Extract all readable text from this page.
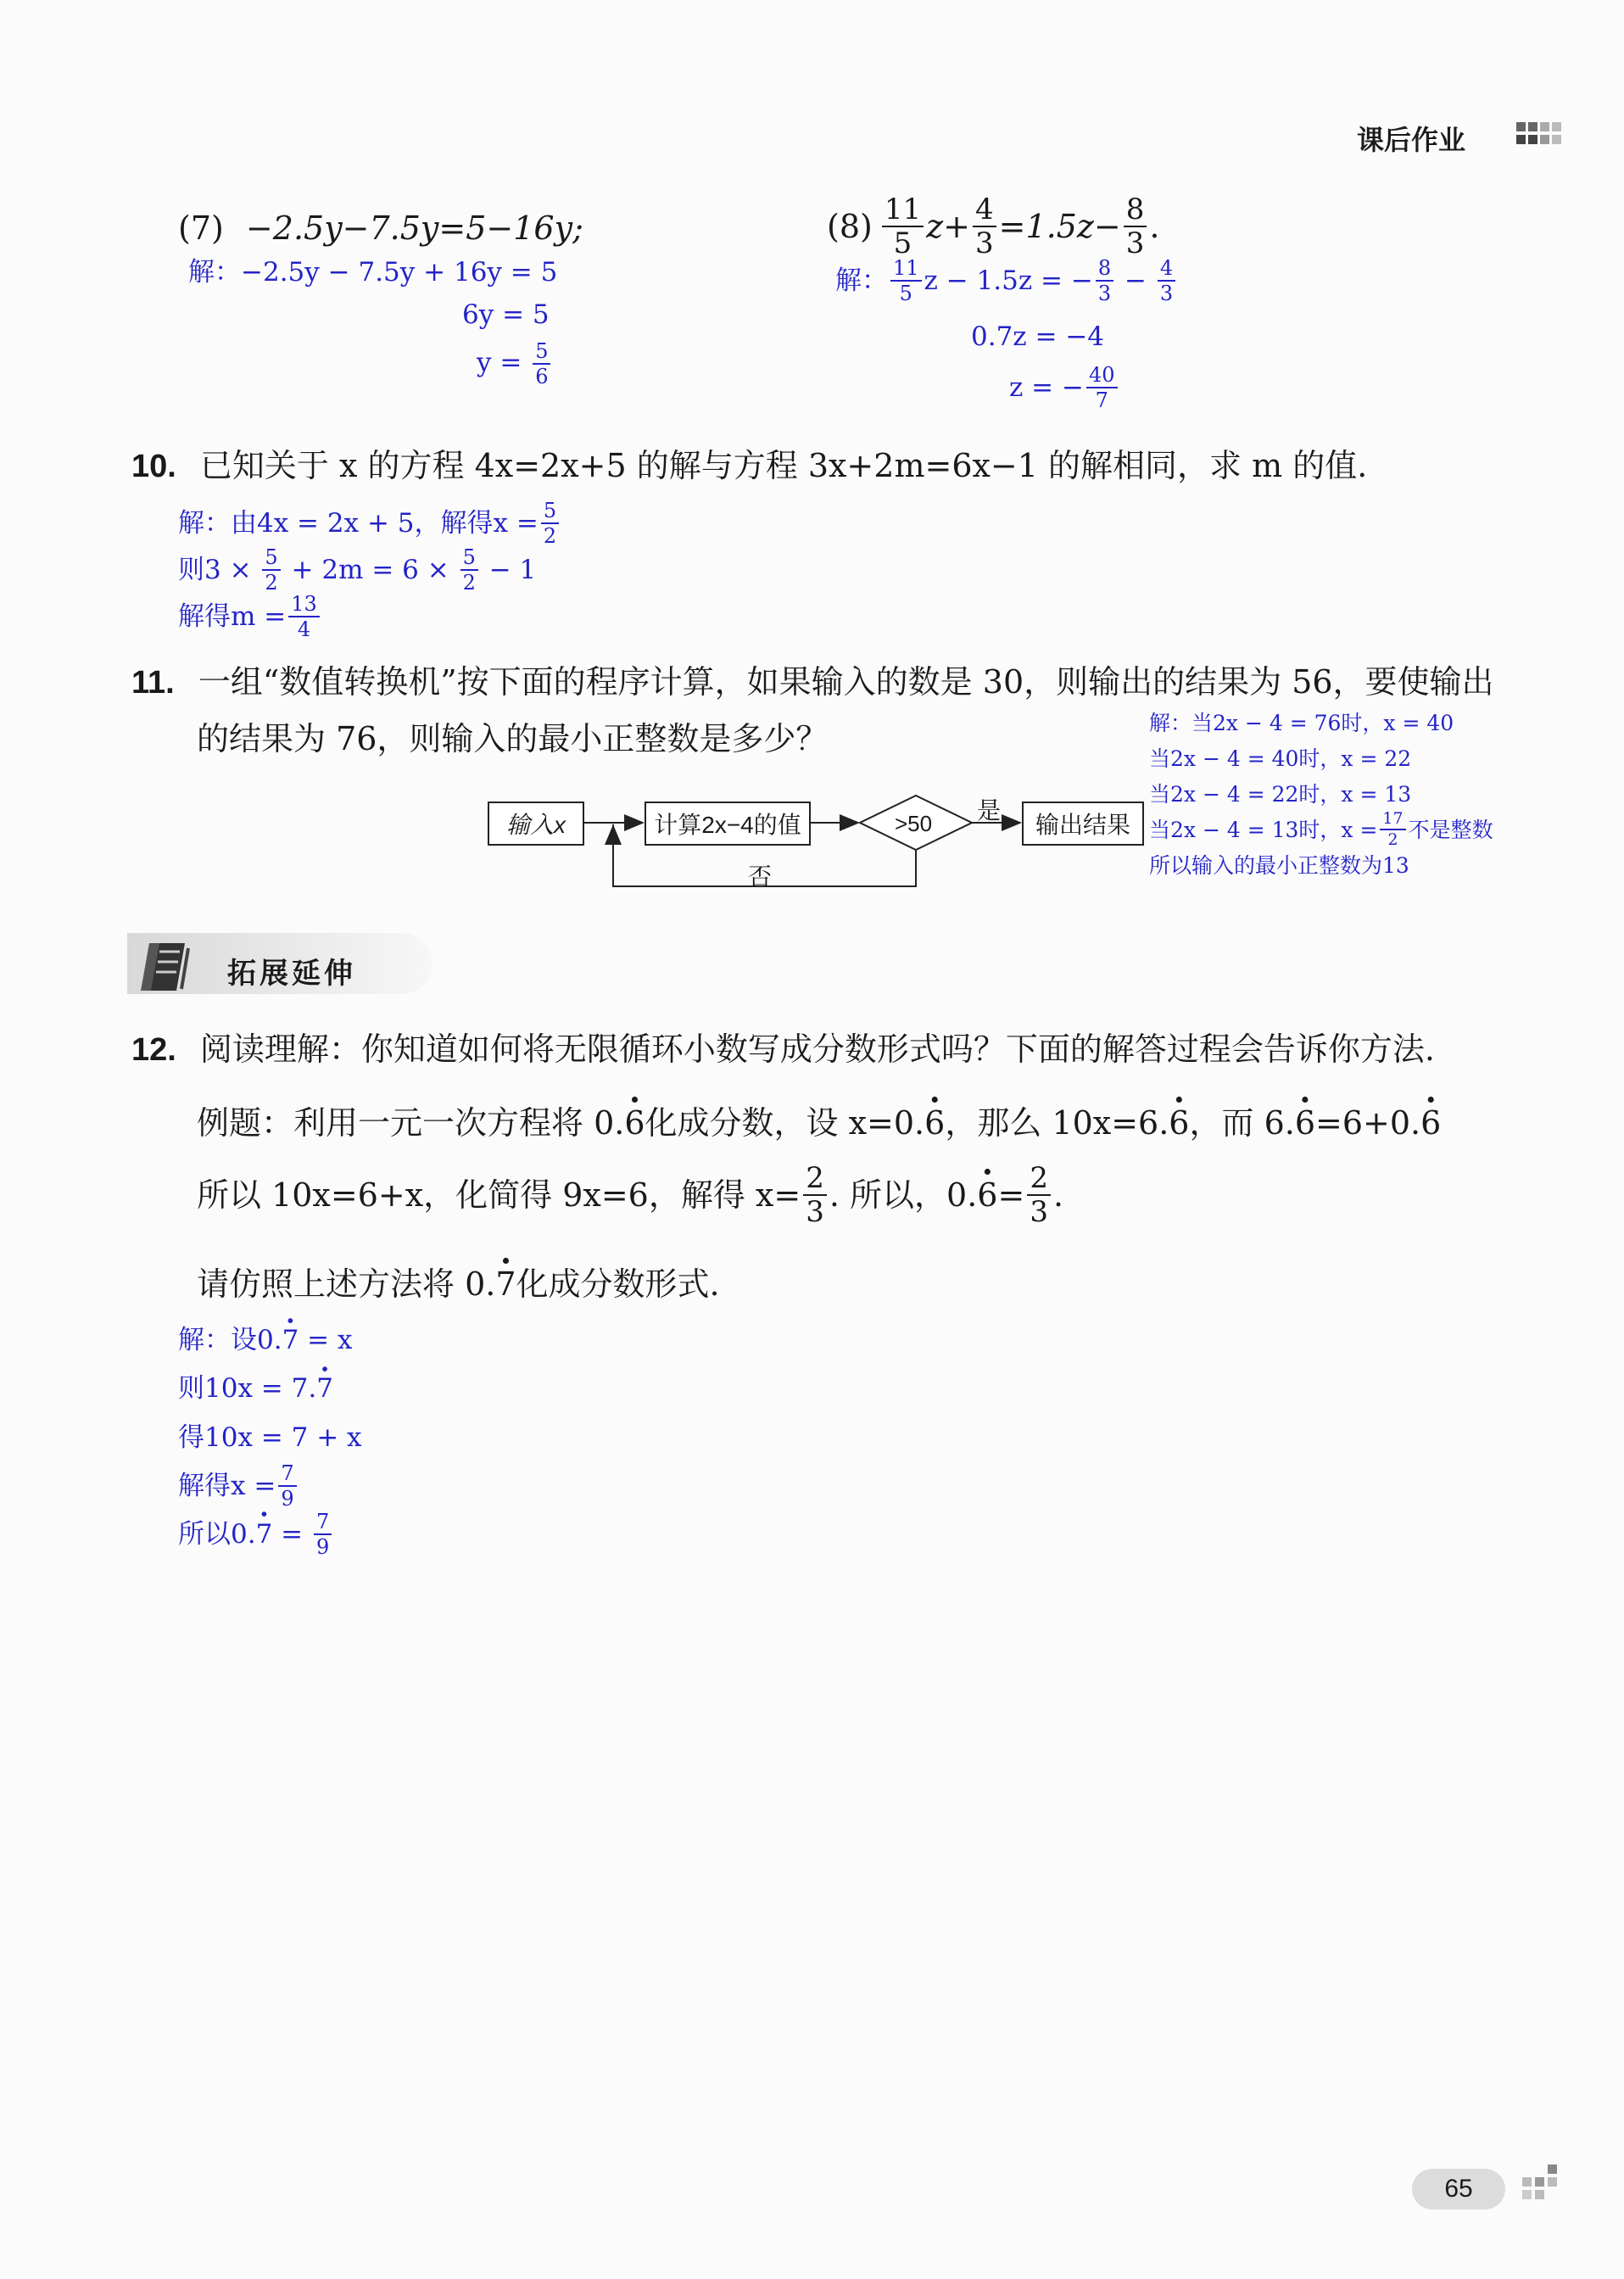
课后作业
(7) −2.5y−7.5y=5−16y;
解：−2.5y − 7.5y + 16y = 5
6y = 5
$y = \frac{5}{6}$
$(8) \frac{11}{5} z+ \frac{4}{3} =1.5z- \frac{8}{3}$ .
解： $\frac{11}{5}$ z − 1.5z = − $\frac{8}{3} - \frac{4}{3}$
0.7z = −4
z = − $\frac{40}{7}$
10. 已知关于 x 的方程 4x=2x+5 的解与方程 3x+2m=6x−1 的解相同，求 m 的值.
解：由4x = 2x + 5，解得$x = \frac{5}{2}$
则$3 \times \frac{5}{2} + 2m = 6 \times \frac{5}{2} - 1$
解得$m = \frac{13}{4}$
11. 一组“数值转换机”按下面的程序计算，如果输入的数是 30，则输出的结果为 56，要使输出
的结果为 76，则输入的最小正整数是多少？	解：当2x − 4 = 76时，x = 40
当2x − 4 = 40时，x = 22
当2x − 4 = 22时，x = 13
当2x − 4 = 13时，$x = \frac{17}{2}$ 不是整数
所以输入的最小正整数为13
输入x	计算2x−4的值	输出结果
>50 是
否
拓展延伸
12. 阅读理解：你知道如何将无限循环小数写成分数形式吗？下面的解答过程会告诉你方法.
例题：利用一元一次方程将 0.· 6化成分数，设 x=0.· 6，那么 10x=6.· 6，而 6.· 6=6+0.· 6
所以 10x=6+x，化简得 9x=6，解得 $x= \frac{2}{3}$ . 所以，0. · $6 = \frac{2}{3}$ .
请仿照上述方法将 0.· 7化成分数形式.
解：设0.· 7 = x
则10x = 7.· 7
得10x = 7 + x
解得$x = \frac{7}{9}$
所以0. · $7 = \frac{7}{9}$
65
